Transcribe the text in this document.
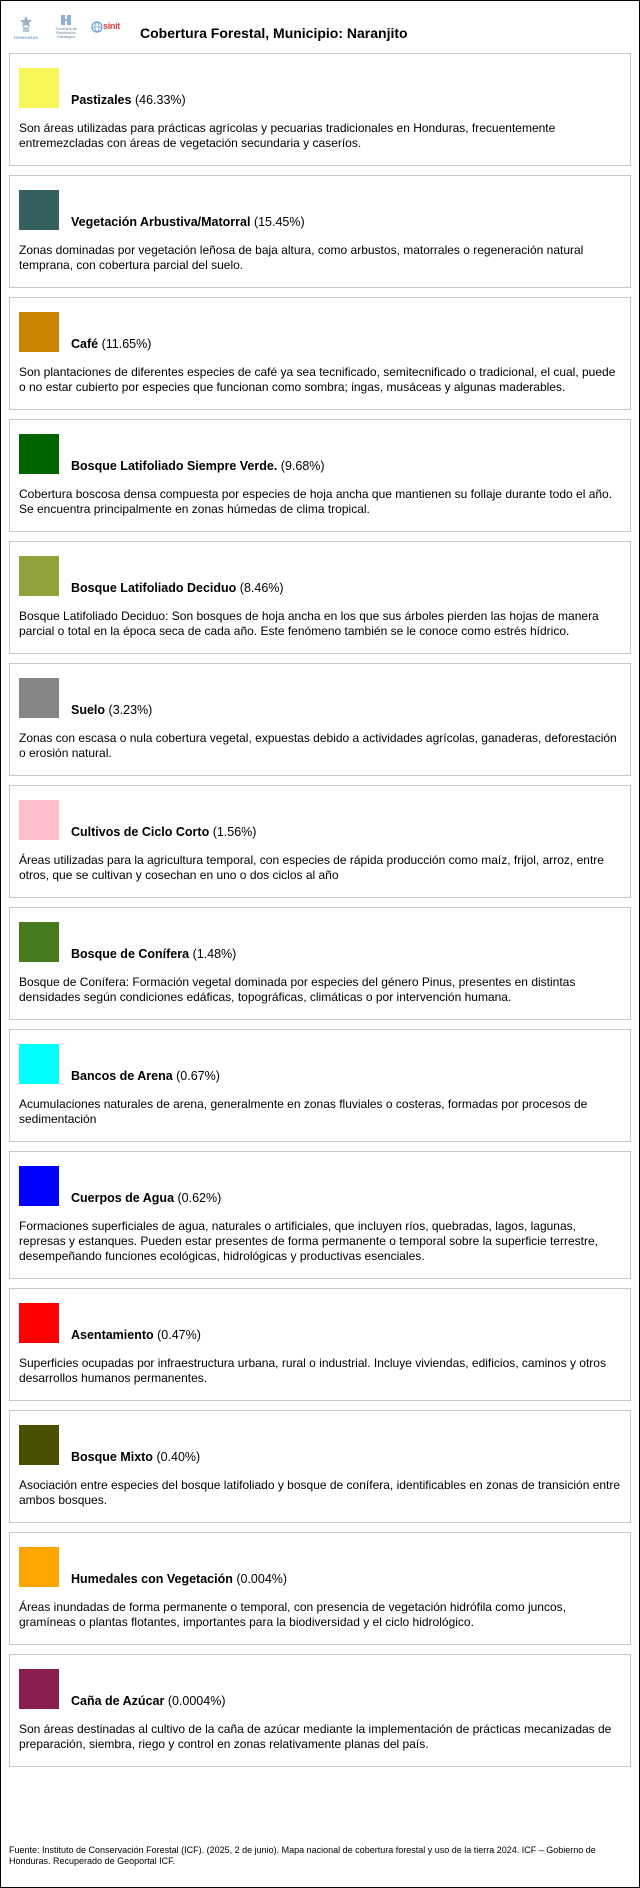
HONDURAS
Secretaría de Planificación Estratégica
sinit Cobertura Forestal, Municipio: Naranjito
Pastizales (46.33%)
Son áreas utilizadas para prácticas agrícolas y pecuarias tradicionales en Honduras, frecuentemente entremezcladas con áreas de vegetación secundaria y caseríos.
Vegetación Arbustiva/Matorral (15.45%)
Zonas dominadas por vegetación leñosa de baja altura, como arbustos, matorrales o regeneración natural temprana, con cobertura parcial del suelo.
Café (11.65%)
Son plantaciones de diferentes especies de café ya sea tecnificado, semitecnificado o tradicional, el cual, puede o no estar cubierto por especies que funcionan como sombra; ingas, musáceas y algunas maderables.
Bosque Latifoliado Siempre Verde. (9.68%)
Cobertura boscosa densa compuesta por especies de hoja ancha que mantienen su follaje durante todo el año. Se encuentra principalmente en zonas húmedas de clima tropical.
Bosque Latifoliado Deciduo (8.46%)
Bosque Latifoliado Deciduo: Son bosques de hoja ancha en los que sus árboles pierden las hojas de manera parcial o total en la época seca de cada año. Este fenómeno también se le conoce como estrés hídrico.
Suelo (3.23%)
Zonas con escasa o nula cobertura vegetal, expuestas debido a actividades agrícolas, ganaderas, deforestación o erosión natural.
Cultivos de Ciclo Corto (1.56%)
Áreas utilizadas para la agricultura temporal, con especies de rápida producción como maíz, frijol, arroz, entre otros, que se cultivan y cosechan en uno o dos ciclos al año
Bosque de Conífera (1.48%)
Bosque de Conífera: Formación vegetal dominada por especies del género Pinus, presentes en distintas densidades según condiciones edáficas, topográficas, climáticas o por intervención humana.
Bancos de Arena (0.67%)
Acumulaciones naturales de arena, generalmente en zonas fluviales o costeras, formadas por procesos de sedimentación
Cuerpos de Agua (0.62%)
Formaciones superficiales de agua, naturales o artificiales, que incluyen ríos, quebradas, lagos, lagunas, represas y estanques. Pueden estar presentes de forma permanente o temporal sobre la superficie terrestre, desempeñando funciones ecológicas, hidrológicas y productivas esenciales.
Asentamiento (0.47%)
Superficies ocupadas por infraestructura urbana, rural o industrial. Incluye viviendas, edificios, caminos y otros desarrollos humanos permanentes.
Bosque Mixto (0.40%)
Asociación entre especies del bosque latifoliado y bosque de conífera, identificables en zonas de transición entre ambos bosques.
Humedales con Vegetación (0.004%)
Áreas inundadas de forma permanente o temporal, con presencia de vegetación hidrófila como juncos, gramíneas o plantas flotantes, importantes para la biodiversidad y el ciclo hidrológico.
Caña de Azúcar (0.0004%)
Son áreas destinadas al cultivo de la caña de azúcar mediante la implementación de prácticas mecanizadas de preparación, siembra, riego y control en zonas relativamente planas del país.
Fuente: Instituto de Conservación Forestal (ICF). (2025, 2 de junio). Mapa nacional de cobertura forestal y uso de la tierra 2024. ICF – Gobierno de Honduras. Recuperado de Geoportal ICF.
